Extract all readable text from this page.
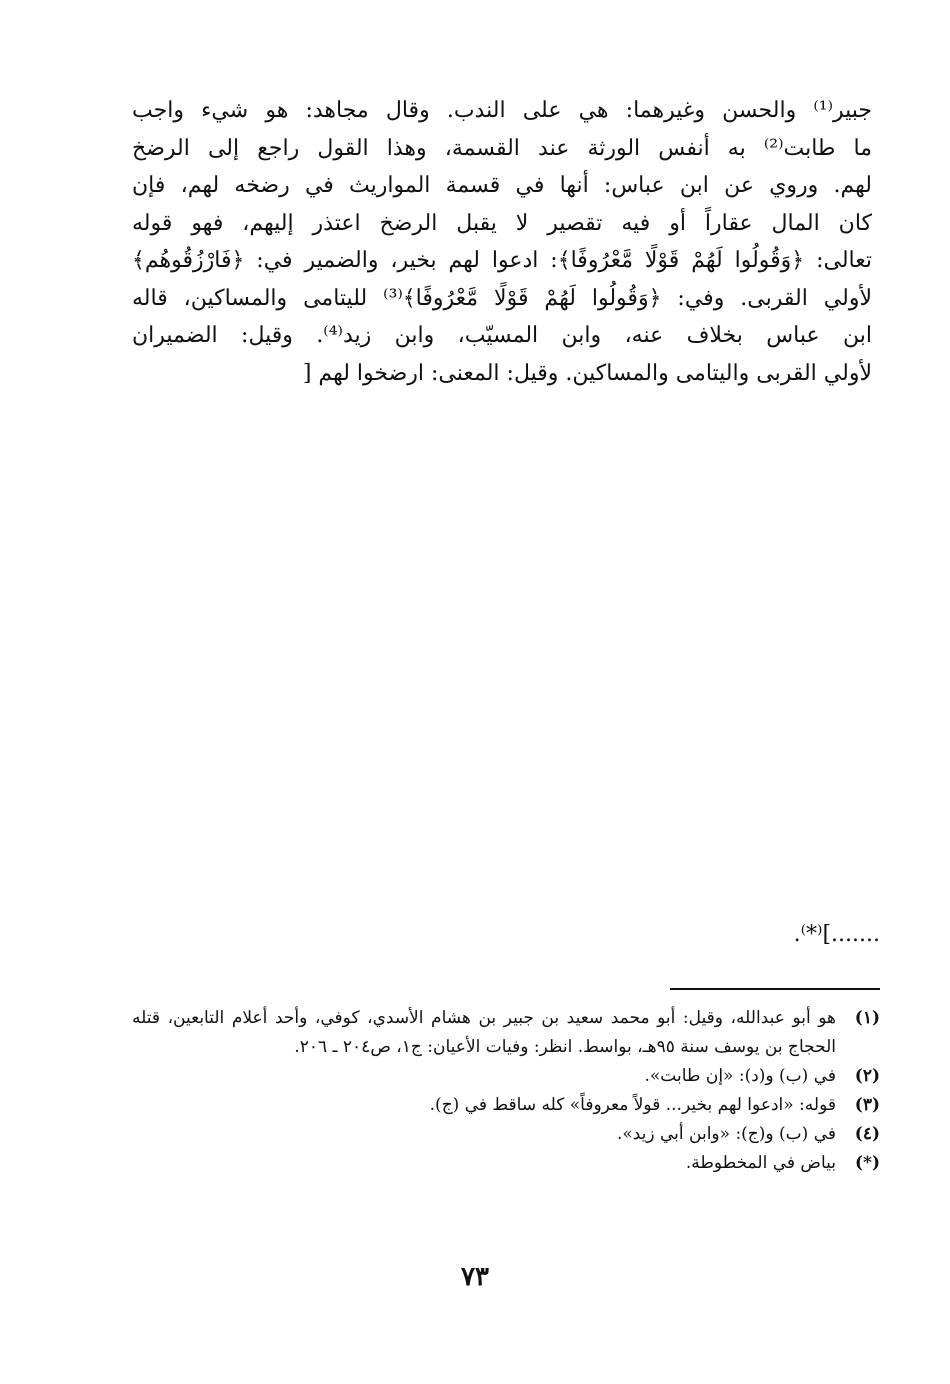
جبير⁽¹⁾ والحسن وغيرهما: هي على الندب. وقال مجاهد: هو شيء واجب
ما طابت⁽²⁾ به أنفس الورثة عند القسمة، وهذا القول راجع إلى الرضخ
لهم. وروي عن ابن عباس: أنها في قسمة المواريث في رضخه لهم، فإن
كان المال عقاراً أو فيه تقصير لا يقبل الرضخ اعتذر إليهم، فهو قوله
تعالى: ﴿وَقُولُوا لَهُمْ قَوْلًا مَّعْرُوفًا﴾: ادعوا لهم بخير، والضمير في: ﴿فَارْزُقُوهُم﴾
لأولي القربى. وفي: ﴿وَقُولُوا لَهُمْ قَوْلًا مَّعْرُوفًا﴾⁽³⁾ لليتامى والمساكين، قاله
ابن عباس بخلاف عنه، وابن المسيّب، وابن زيد⁽⁴⁾. وقيل: الضميران
لأولي القربى واليتامى والمساكين. وقيل: المعنى: ارضخوا لهم [
.......]⁽*⁾.
(١)
هو أبو عبدالله، وقيل: أبو محمد سعيد بن جبير بن هشام الأسدي، كوفي، وأحد أعلام التابعين، قتله الحجاج بن يوسف سنة ٩٥هـ، بواسط. انظر: وفيات الأعيان: ج١، ص٢٠٤ ـ ٢٠٦.
(٢)
في (ب) و(د): «إن طابت».
(٣)
قوله: «ادعوا لهم بخير... قولاً معروفاً» كله ساقط في (ج).
(٤)
في (ب) و(ج): «وابن أبي زيد».
(*)
بياض في المخطوطة.
٧٣
